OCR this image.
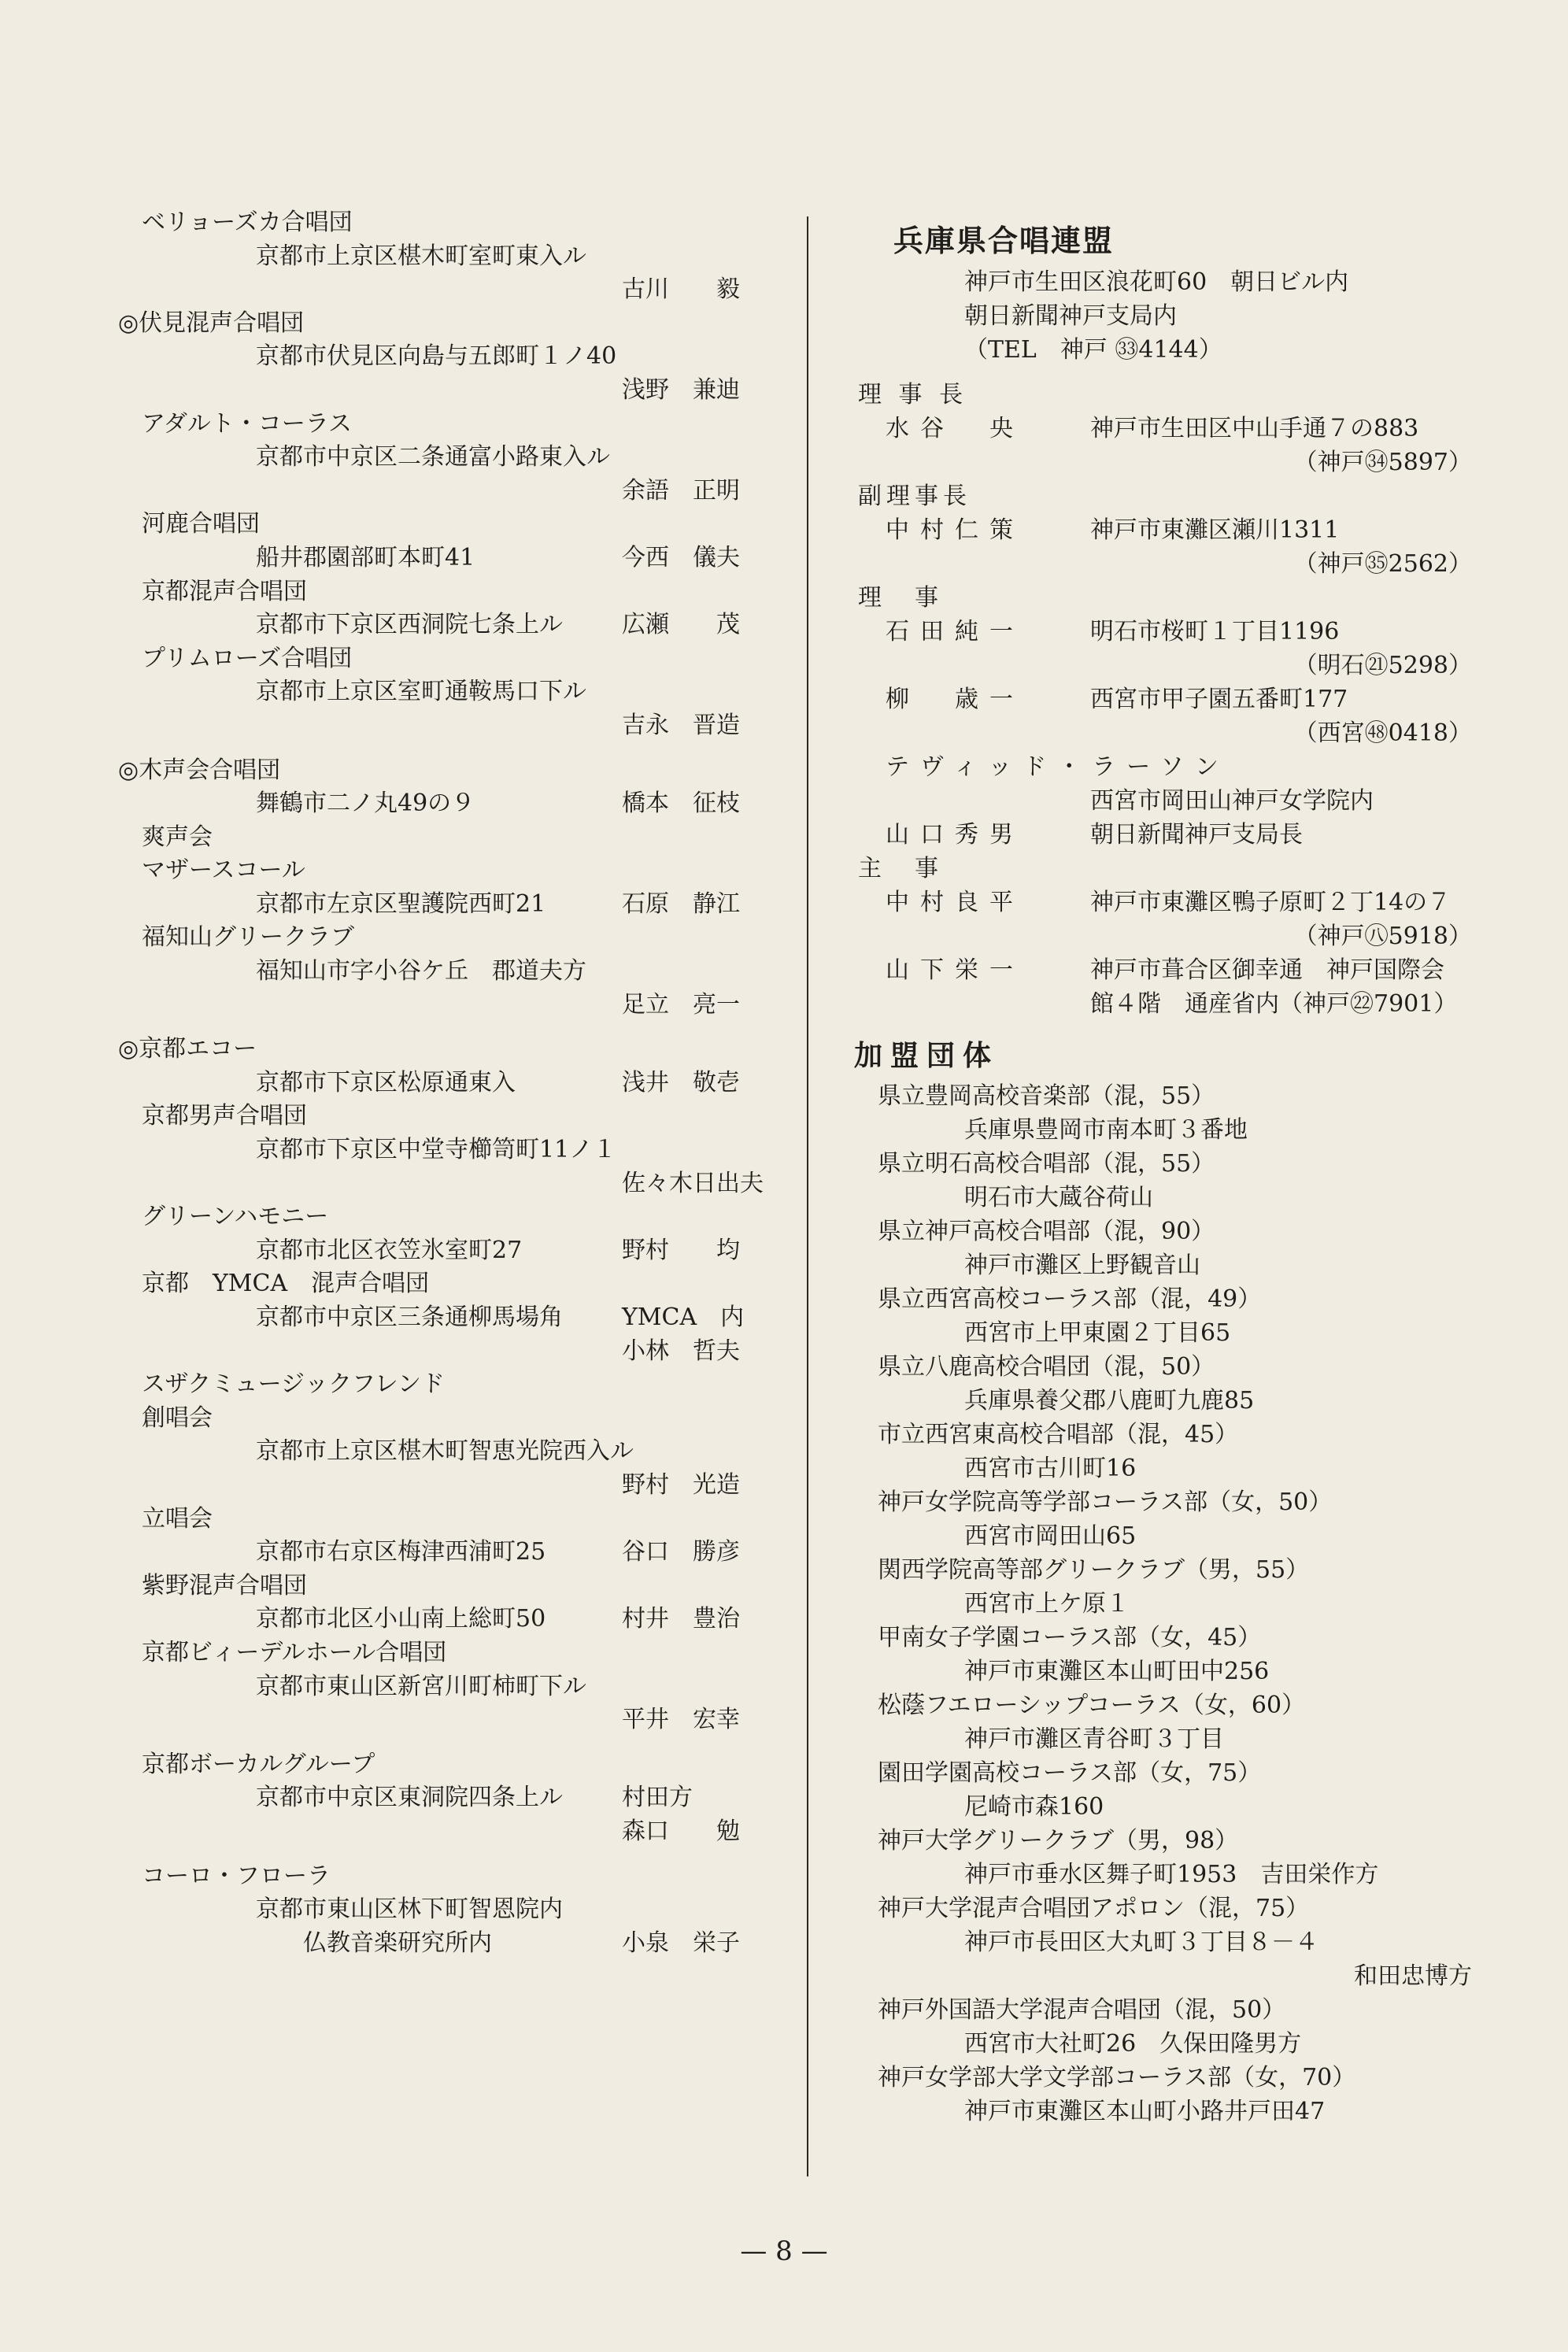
ベリョーズカ合唱団
京都市上京区椹木町室町東入ル
古川　　毅
◎伏見混声合唱団
京都市伏見区向島与五郎町１ノ40
浅野　兼迪
アダルト・コーラス
京都市中京区二条通富小路東入ル
余語　正明
河鹿合唱団
船井郡園部町本町41	今西　儀夫
京都混声合唱団
京都市下京区西洞院七条上ル	広瀬　　茂
プリムローズ合唱団
京都市上京区室町通鞍馬口下ル
吉永　晋造
◎木声会合唱団
舞鶴市二ノ丸49の９	橋本　征枝
爽声会
マザースコール
京都市左京区聖護院西町21	石原　静江
福知山グリークラブ
福知山市字小谷ケ丘　郡道夫方
足立　亮一
◎京都エコー
京都市下京区松原通東入	浅井　敬壱
京都男声合唱団
京都市下京区中堂寺櫛笥町11ノ１
佐々木日出夫
グリーンハモニー
京都市北区衣笠氷室町27	野村　　均
京都　YMCA　混声合唱団
京都市中京区三条通柳馬場角	YMCA　内
小林　哲夫
スザクミュージックフレンド
創唱会
京都市上京区椹木町智恵光院西入ル
野村　光造
立唱会
京都市右京区梅津西浦町25	谷口　勝彦
紫野混声合唱団
京都市北区小山南上総町50	村井　豊治
京都ビィーデルホール合唱団
京都市東山区新宮川町柿町下ル
平井　宏幸
京都ボーカルグループ
京都市中京区東洞院四条上ル	村田方
森口　　勉
コーロ・フローラ
京都市東山区林下町智恩院内
仏教音楽研究所内	小泉　栄子
兵庫県合唱連盟
神戸市生田区浪花町60　朝日ビル内
朝日新聞神戸支局内
（TEL　神戸 ㉝4144）
理 事 長
水谷　央	神戸市生田区中山手通７の883
（神戸㉞5897）
副理事長
中村仁策	神戸市東灘区瀬川1311
（神戸㉟2562）
理　事
石田純一	明石市桜町１丁目1196
（明石㉑5298）
柳　歳一	西宮市甲子園五番町177
（西宮㊽0418）
テヴィッド・ラーソン
西宮市岡田山神戸女学院内
山口秀男	朝日新聞神戸支局長
主　事
中村良平	神戸市東灘区鴨子原町２丁14の７
（神戸㊇5918）
山下栄一	神戸市葺合区御幸通　神戸国際会
館４階　通産省内（神戸㉒7901）
加盟団体
県立豊岡高校音楽部（混，55）
兵庫県豊岡市南本町３番地
県立明石高校合唱部（混，55）
明石市大蔵谷荷山
県立神戸高校合唱部（混，90）
神戸市灘区上野観音山
県立西宮高校コーラス部（混，49）
西宮市上甲東園２丁目65
県立八鹿高校合唱団（混，50）
兵庫県養父郡八鹿町九鹿85
市立西宮東高校合唱部（混，45）
西宮市古川町16
神戸女学院高等学部コーラス部（女，50）
西宮市岡田山65
関西学院高等部グリークラブ（男，55）
西宮市上ケ原１
甲南女子学園コーラス部（女，45）
神戸市東灘区本山町田中256
松蔭フエローシップコーラス（女，60）
神戸市灘区青谷町３丁目
園田学園高校コーラス部（女，75）
尼崎市森160
神戸大学グリークラブ（男，98）
神戸市垂水区舞子町1953　吉田栄作方
神戸大学混声合唱団アポロン（混，75）
神戸市長田区大丸町３丁目８－４
和田忠博方
神戸外国語大学混声合唱団（混，50）
西宮市大社町26　久保田隆男方
神戸女学部大学文学部コーラス部（女，70）
神戸市東灘区本山町小路井戸田47
— 8 —
